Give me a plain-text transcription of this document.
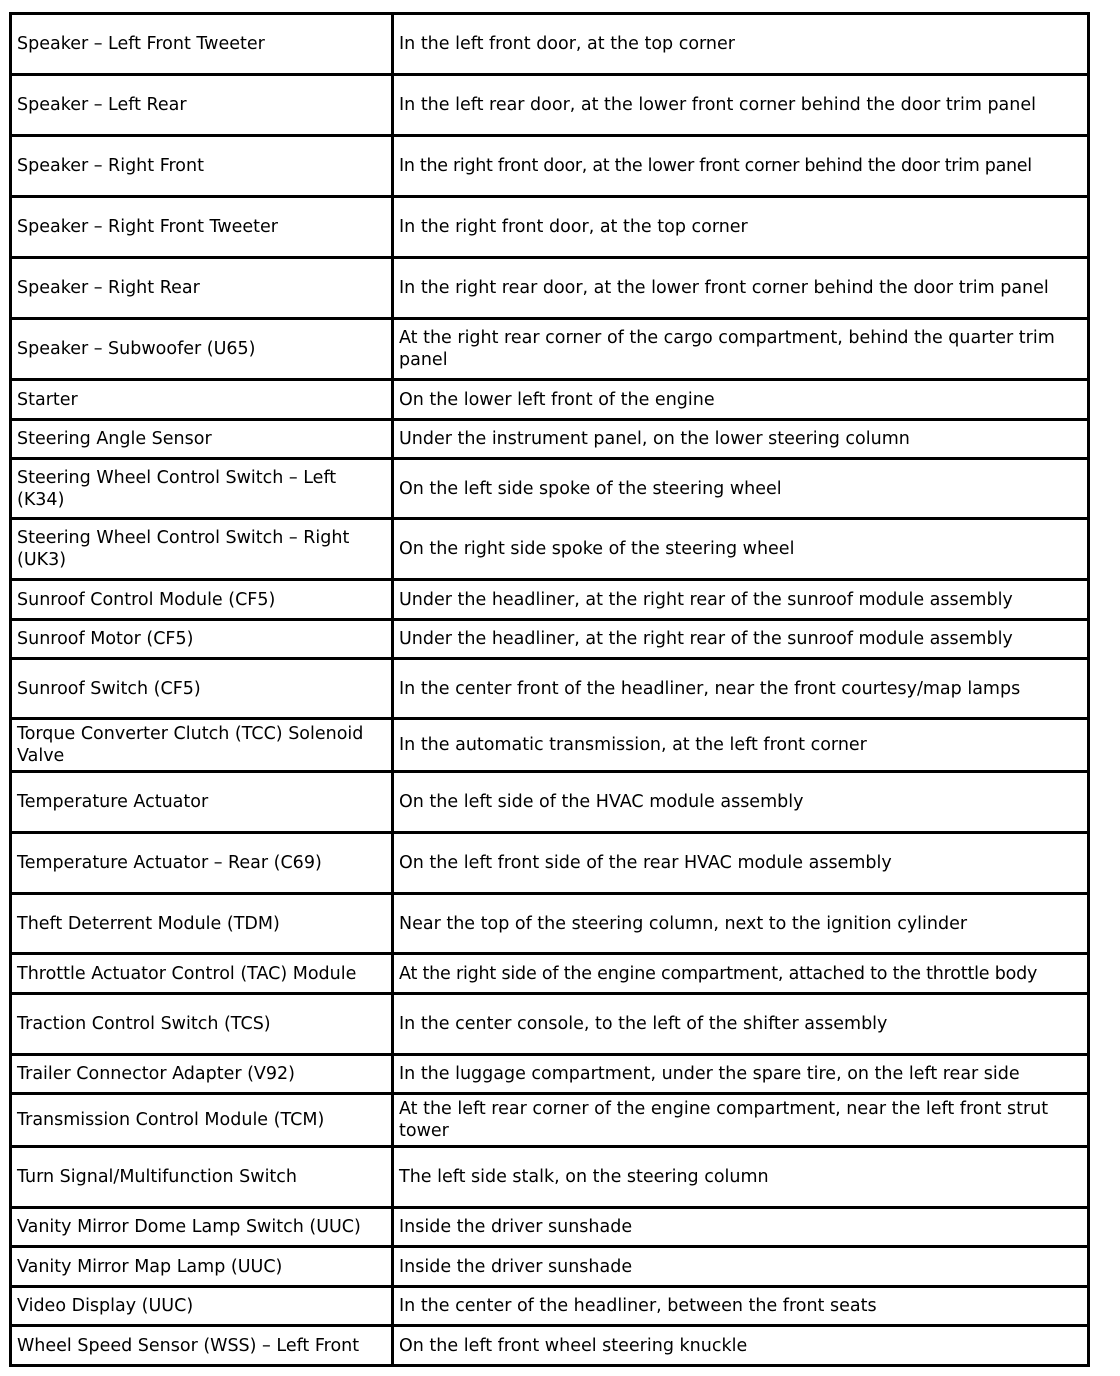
Speaker – Left Front Tweeter	In the left front door, at the top corner
Speaker – Left Rear	In the left rear door, at the lower front corner behind the door trim panel
Speaker – Right Front	In the right front door, at the lower front corner behind the door trim panel
Speaker – Right Front Tweeter	In the right front door, at the top corner
Speaker – Right Rear	In the right rear door, at the lower front corner behind the door trim panel
Speaker – Subwoofer (U65)	At the right rear corner of the cargo compartment, behind the quarter trim panel
Starter	On the lower left front of the engine
Steering Angle Sensor	Under the instrument panel, on the lower steering column
Steering Wheel Control Switch – Left (K34)	On the left side spoke of the steering wheel
Steering Wheel Control Switch – Right (UK3)	On the right side spoke of the steering wheel
Sunroof Control Module (CF5)	Under the headliner, at the right rear of the sunroof module assembly
Sunroof Motor (CF5)	Under the headliner, at the right rear of the sunroof module assembly
Sunroof Switch (CF5)	In the center front of the headliner, near the front courtesy/map lamps
Torque Converter Clutch (TCC) Solenoid Valve	In the automatic transmission, at the left front corner
Temperature Actuator	On the left side of the HVAC module assembly
Temperature Actuator – Rear (C69)	On the left front side of the rear HVAC module assembly
Theft Deterrent Module (TDM)	Near the top of the steering column, next to the ignition cylinder
Throttle Actuator Control (TAC) Module	At the right side of the engine compartment, attached to the throttle body
Traction Control Switch (TCS)	In the center console, to the left of the shifter assembly
Trailer Connector Adapter (V92)	In the luggage compartment, under the spare tire, on the left rear side
Transmission Control Module (TCM)	At the left rear corner of the engine compartment, near the left front strut tower
Turn Signal/Multifunction Switch	The left side stalk, on the steering column
Vanity Mirror Dome Lamp Switch (UUC)	Inside the driver sunshade
Vanity Mirror Map Lamp (UUC)	Inside the driver sunshade
Video Display (UUC)	In the center of the headliner, between the front seats
Wheel Speed Sensor (WSS) – Left Front	On the left front wheel steering knuckle
